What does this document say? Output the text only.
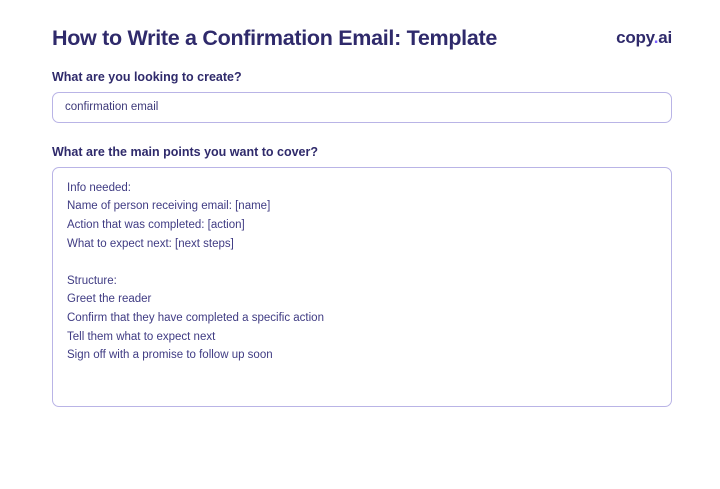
How to Write a Confirmation Email: Template	copy.ai
What are you looking to create?
confirmation email
What are the main points you want to cover?
Info needed:
Name of person receiving email: [name]
Action that was completed: [action]
What to expect next: [next steps]

Structure:
Greet the reader
Confirm that they have completed a specific action
Tell them what to expect next
Sign off with a promise to follow up soon
